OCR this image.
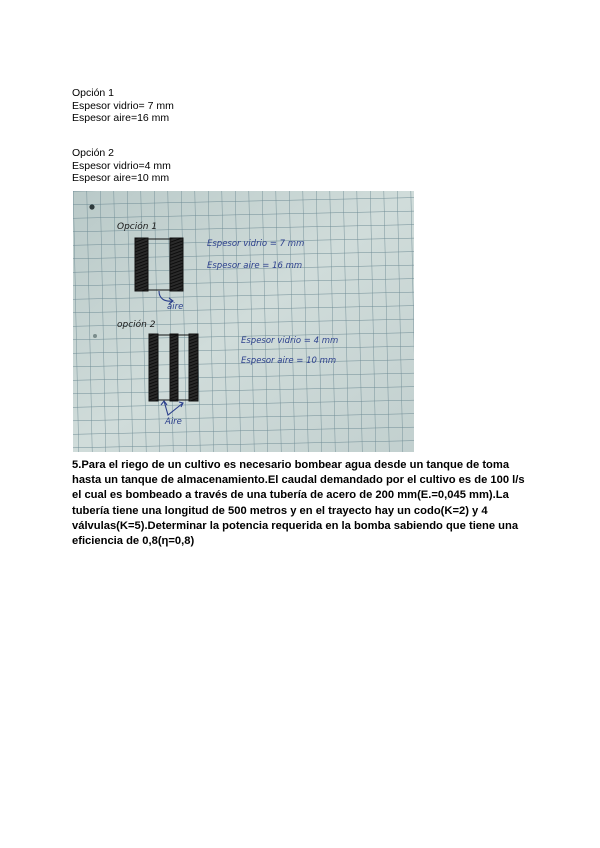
Opción 1
Espesor vidrio= 7 mm
Espesor aire=16 mm
Opción 2
Espesor vidrio=4 mm
Espesor aire=10 mm
Opción 1
aire
Espesor vidrio = 7 mm
Espesor aire = 16 mm
opción 2
Aire
Espesor vidrio = 4 mm
Espesor aire = 10 mm
5.Para el riego de un cultivo es necesario bombear agua desde un tanque de toma hasta un tanque de almacenamiento.El caudal demandado por el cultivo es de 100 l/s el cual es bombeado a través de una tubería de acero de 200 mm(E.=0,045 mm).La tubería tiene una longitud de 500 metros y en el trayecto hay un codo(K=2) y 4 válvulas(K=5).Determinar la potencia requerida en la bomba sabiendo que tiene una eficiencia de 0,8(η=0,8)
